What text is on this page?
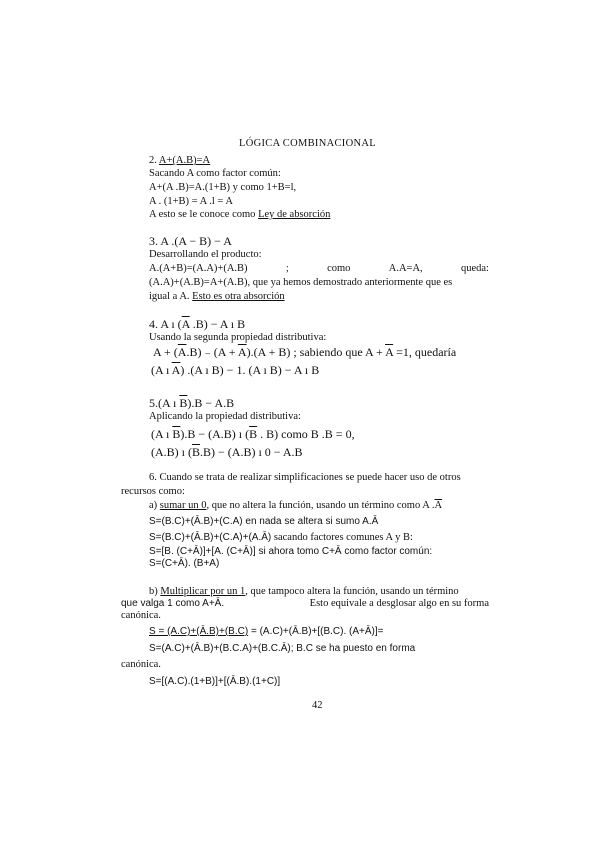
LÓGICA COMBINACIONAL
2. A+(A.B)=A
Sacando A como factor común:
A+(A .B)=A.(1+B) y como 1+B=l,
A . (1+B) = A .l = A
A esto se le conoce como Ley de absorción
3. A .(A − B) − A
Desarrollando el producto:
A.(A+B)=(A.A)+(A.B)	;	como	A.A=A,	queda:
(A.A)+(A.B)=A+(A.B), que ya hemos demostrado anteriormente que es
igual a A. Esto es otra absorción
4. A ı ($\overline{A}$ .B) − A ı B
Usando la segunda propiedad distributiva:
$A + (\overline{A}.B)$ ₋ $(A + \overline{A}).(A + B)$ ; sabiendo que $A + \overline{A} =1$, quedaría
(A ı $\overline{A}$) .(A ı B) − 1. (A ı B) − A ı B
5.(A ı $\overline{B}).B - A.B$
Aplicando la propiedad distributiva:
(A ı $\overline{B}).B - (A.B)$ ı ($\overline{B}$ . B) como B .B = 0,
(A.B) ı $(\overline{B}.B) - (A.B)$ ı 0 − A.B
6. Cuando se trata de realizar simplificaciones se puede hacer uso de otros
recursos como:
a) sumar un 0, que no altera la función, usando un término como A $.\overline{A}$
S=(B.C)+(Ā.B)+(C.A) en nada se altera si sumo A.Ā
S=(B.C)+(Ā.B)+(C.A)+(A.Ā) sacando factores comunes A y B:
S=[B. (C+Ā)]+[A. (C+Ā)] si ahora tomo C+Ā como factor común:
S=(C+Ā). (B+A)
b) Multiplicar por un 1, que tampoco altera la función, usando un término
que valga 1 como A+Ā.	Esto equivale a desglosar algo en su forma
canónica.
S = (A.C)+(Ā.B)+(B.C) = (A.C)+(Ā.B)+[(B.C). (A+Ā)]=
S=(A.C)+(Ā.B)+(B.C.A)+(B.C.Ā); B.C se ha puesto en forma
canónica.
S=[(A.C).(1+B)]+[(Ā.B).(1+C)]
42
